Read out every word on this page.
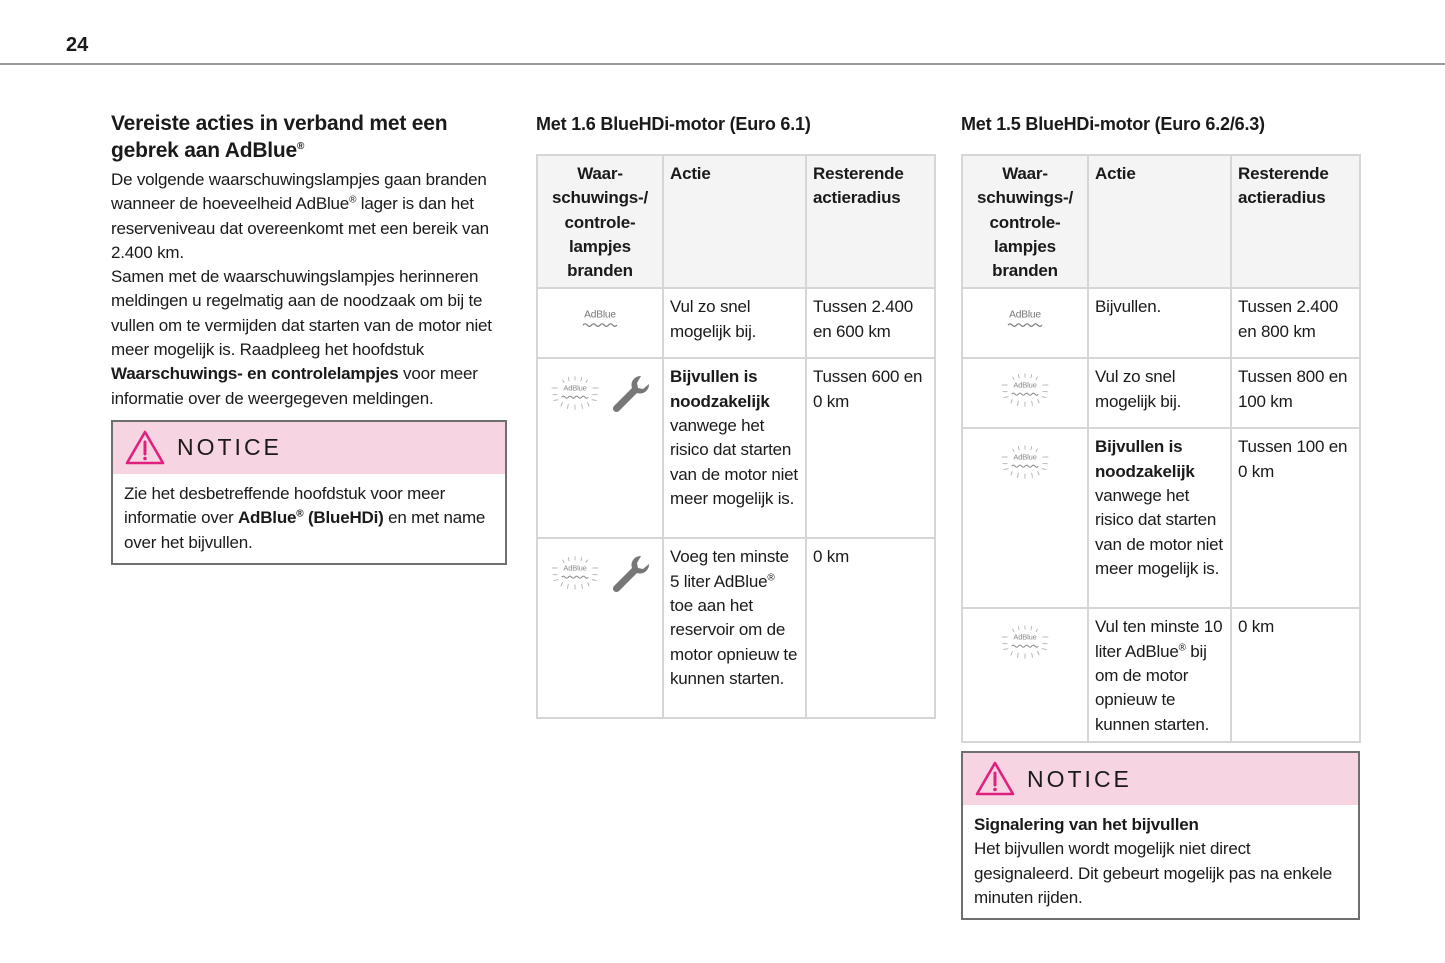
24
Vereiste acties in verband met een
gebrek aan AdBlue®

De volgende waarschuwingslampjes gaan branden wanneer de hoeveelheid AdBlue® lager is dan het reserveniveau dat overeenkomt met een bereik van 2.400 km.

Samen met de waarschuwingslampjes herinneren meldingen u regelmatig aan de noodzaak om bij te vullen om te vermijden dat starten van de motor niet meer mogelijk is. Raadpleeg het hoofdstuk Waarschuwings- en controlelampjes voor meer informatie over de weergegeven meldingen.

NOTICE
Zie het desbetreffende hoofdstuk voor meer informatie over AdBlue® (BlueHDi) en met name over het bijvullen.
Met 1.6 BlueHDi-motor (Euro 6.1)
Waar-
schuwings-/
controle-
lampjes
branden	Actie	Resterende actieradius
	Vul zo snel mogelijk bij.	Tussen 2.400 en 600 km

	Bijvullen is noodzakelijk
vanwege het risico dat starten van de motor niet meer mogelijk is.	Tussen 600 en 0 km

	Voeg ten minste 5 liter AdBlue® toe aan het reservoir om de motor opnieuw te kunnen starten.	0 km
Met 1.5 BlueHDi-motor (Euro 6.2/6.3)
Waar-
schuwings-/
controle-
lampjes
branden	Actie	Resterende actieradius
	Bijvullen.	Tussen 2.400 en 800 km
	Vul zo snel mogelijk bij.	Tussen 800 en 100 km
	Bijvullen is noodzakelijk
vanwege het risico dat starten van de motor niet meer mogelijk is.	Tussen 100 en 0 km
	Vul ten minste 10 liter AdBlue® bij om de motor opnieuw te kunnen starten.	0 km
NOTICE
Signalering van het bijvullen
Het bijvullen wordt mogelijk niet direct gesignaleerd. Dit gebeurt mogelijk pas na enkele minuten rijden.
